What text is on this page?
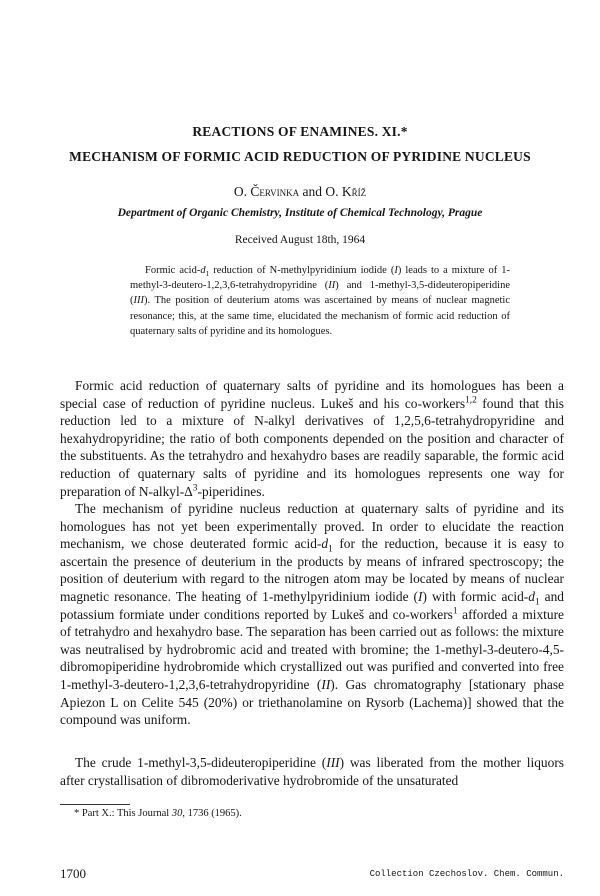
REACTIONS OF ENAMINES. XI.*
MECHANISM OF FORMIC ACID REDUCTION OF PYRIDINE NUCLEUS
O. Červinka and O. Kříž
Department of Organic Chemistry, Institute of Chemical Technology, Prague
Received August 18th, 1964

Formic acid-$d_1$ reduction of N-methylpyridinium iodide (I) leads to a mixture of 1-methyl-3-deutero-1,2,3,6-tetrahydropyridine (II) and 1-methyl-3,5-dideuteropiperidine (III). The position of deuterium atoms was ascertained by means of nuclear magnetic resonance; this, at the same time, elucidated the mechanism of formic acid reduction of quaternary salts of pyridine and its homologues.

Formic acid reduction of quaternary salts of pyridine and its homologues has been a special case of reduction of pyridine nucleus. Lukeš and his co-workers$^{1,2}$ found that this reduction led to a mixture of N-alkyl derivatives of 1,2,5,6-tetrahydropyridine and hexahydropyridine; the ratio of both components depended on the position and character of the substituents. As the tetrahydro and hexahydro bases are readily saparable, the formic acid reduction of quaternary salts of pyridine and its homologues represents one way for preparation of $N-alkyl-\Delta^3$-piperidines.

The mechanism of pyridine nucleus reduction at quaternary salts of pyridine and its homologues has not yet been experimentally proved. In order to elucidate the reaction mechanism, we chose deuterated formic acid-$d_1$ for the reduction, because it is easy to ascertain the presence of deuterium in the products by means of infrared spectroscopy; the position of deuterium with regard to the nitrogen atom may be located by means of nuclear magnetic resonance. The heating of 1-methylpyridinium iodide (I) with formic acid-$d_1$ and potassium formiate under conditions reported by Lukeš and co-workers$^1$ afforded a mixture of tetrahydro and hexahydro base. The separation has been carried out as follows: the mixture was neutralised by hydrobromic acid and treated with bromine; the 1-methyl-3-deutero-4,5-dibromopiperidine hydrobromide which crystallized out was purified and converted into free 1-methyl-3-deutero-1,2,3,6-tetrahydropyridine (II). Gas chromatography [stationary phase Apiezon L on Celite 545 (20%) or triethanolamine on Rysorb (Lachema)] showed that the compound was uniform.

The crude 1-methyl-3,5-dideuteropiperidine (III) was liberated from the mother liquors after crystallisation of dibromoderivative hydrobromide of the unsaturated

* Part X.: This Journal 30, 1736 (1965).

1700	Collection Czechoslov. Chem. Commun.
